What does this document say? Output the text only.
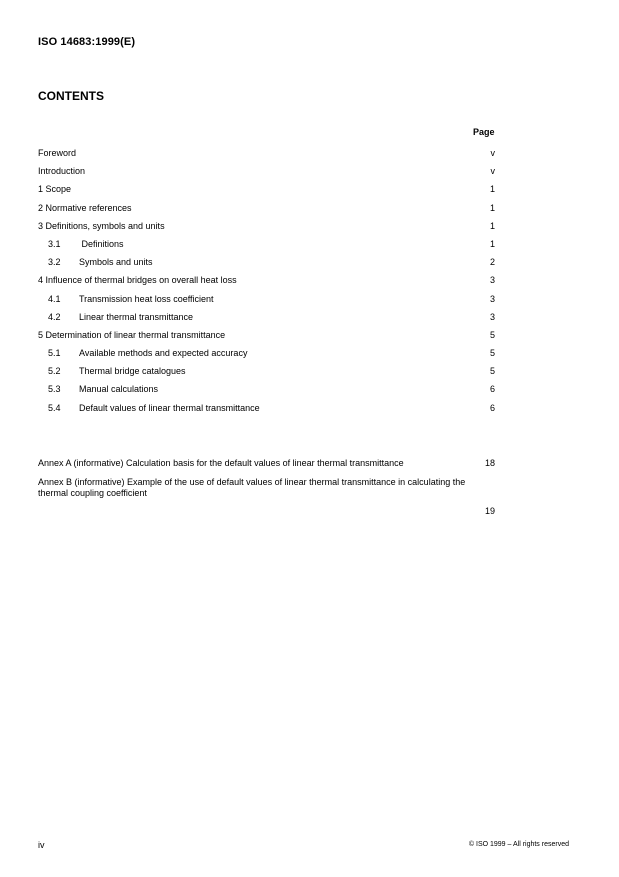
ISO 14683:1999(E)
CONTENTS
Page
Foreword	v
Introduction	v
1 Scope	1
2 Normative references	1
3 Definitions, symbols and units	1
3.1 Definitions	1
3.2 Symbols and units	2
4 Influence of thermal bridges on overall heat loss	3
4.1 Transmission heat loss coefficient	3
4.2 Linear thermal transmittance	3
5 Determination of linear thermal transmittance	5
5.1 Available methods and expected accuracy	5
5.2 Thermal bridge catalogues	5
5.3 Manual calculations	6
5.4 Default values of linear thermal transmittance	6
Annex A (informative) Calculation basis for the default values of linear thermal transmittance	18
Annex B (informative) Example of the use of default values of linear thermal transmittance in calculating the thermal coupling coefficient
19
iv	© ISO 1999 – All rights reserved
